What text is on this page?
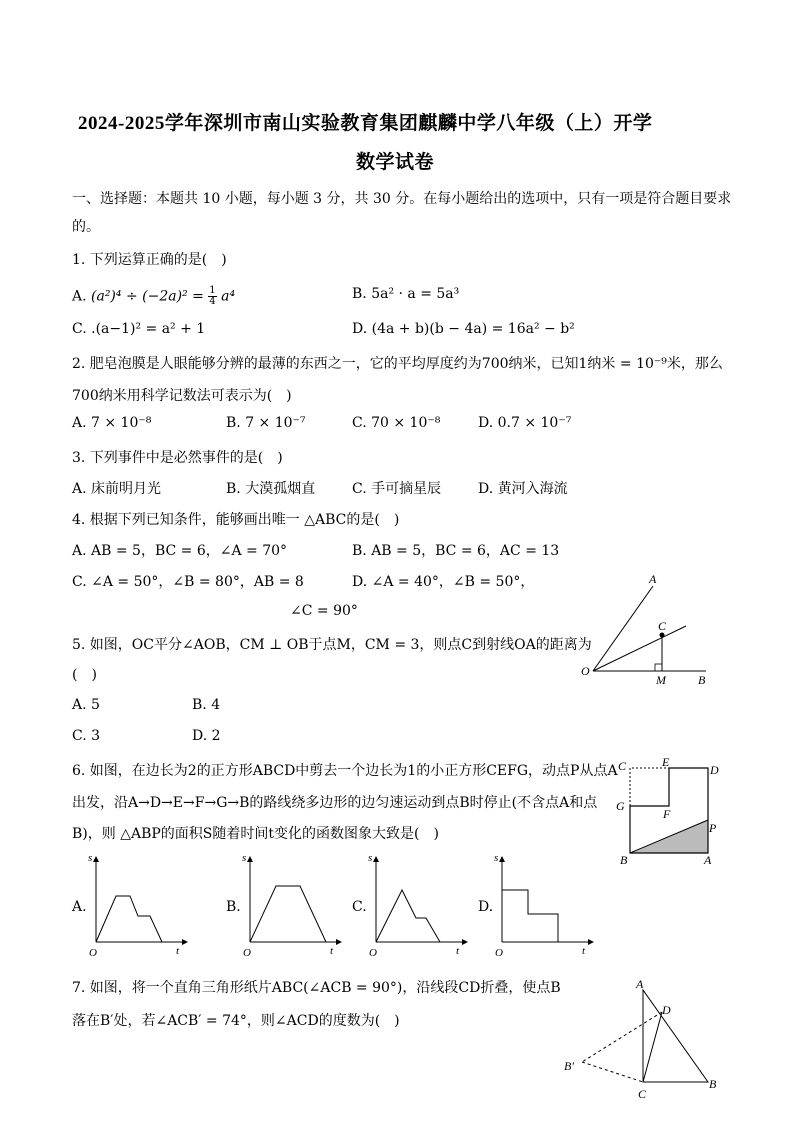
2024-2025学年深圳市南山实验教育集团麒麟中学八年级（上）开学
数学试卷
一、选择题：本题共 10 小题，每小题 3 分，共 30 分。在每小题给出的选项中，只有一项是符合题目要求
的。
1. 下列运算正确的是(　)
A. $(a^2)^4 \div (-2a)^2 = \frac{1}{4} a^4$	B. 5a² · a = 5a³
C. .(a−1)² = a² + 1	D. (4a + b)(b − 4a) = 16a² − b²
2. 肥皂泡膜是人眼能够分辨的最薄的东西之一，它的平均厚度约为700纳米，已知1纳米 = 10⁻⁹米，那么
700纳米用科学记数法可表示为(　)
A. 7 × 10⁻⁸	B. 7 × 10⁻⁷	C. 70 × 10⁻⁸	D. 0.7 × 10⁻⁷
3. 下列事件中是必然事件的是(　)
A. 床前明月光	B. 大漠孤烟直	C. 手可摘星辰	D. 黄河入海流
4. 根据下列已知条件，能够画出唯一 △ABC的是(　)
A. AB = 5，BC = 6，∠A = 70°	B. AB = 5，BC = 6，AC = 13
C. ∠A = 50°，∠B = 80°，AB = 8	D. ∠A = 40°，∠B = 50°，
∠C = 90°
5. 如图，OC平分∠AOB，CM ⊥ OB于点M，CM = 3，则点C到射线OA的距离为
(　)
A. 5	B. 4
C. 3	D. 2
A
C
O
M	B
6. 如图，在边长为2的正方形ABCD中剪去一个边长为1的小正方形CEFG，动点P从点A
出发，沿A→D→E→F→G→B的路线绕多边形的边匀速运动到点B时停止(不含点A和点
B)，则 △ABP的面积S随着时间t变化的函数图象大致是(　)
C	E
D
G
F
P
B	A
A.
s
t
O
B.
s
t
O
C.
s
t
O
D.
s
t
O
7. 如图，将一个直角三角形纸片ABC(∠ACB = 90°)，沿线段CD折叠，使点B
落在B′处，若∠ACB′ = 74°，则∠ACD的度数为(　)
A
D
B′
C
B
